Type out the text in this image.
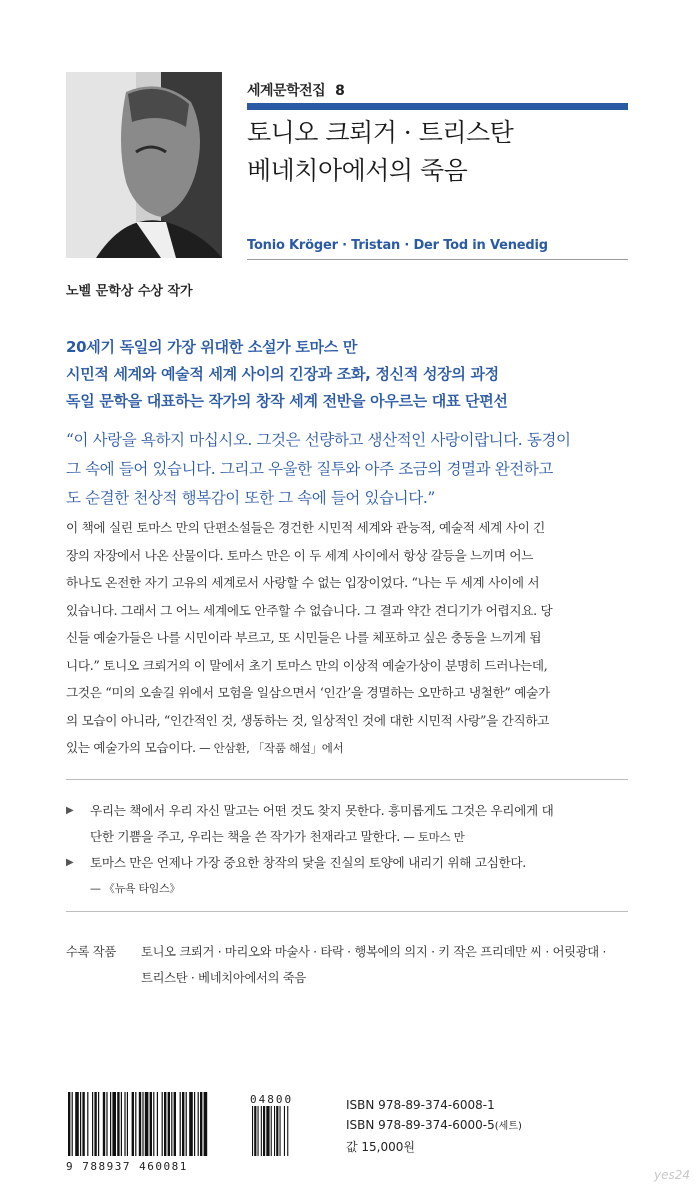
세계문학전집 8
토니오 크뢰거 · 트리스탄
베네치아에서의 죽음
Tonio Kröger · Tristan · Der Tod in Venedig
노벨 문학상 수상 작가
20세기 독일의 가장 위대한 소설가 토마스 만
시민적 세계와 예술적 세계 사이의 긴장과 조화, 정신적 성장의 과정
독일 문학을 대표하는 작가의 창작 세계 전반을 아우르는 대표 단편선
“이 사랑을 욕하지 마십시오. 그것은 선량하고 생산적인 사랑이랍니다. 동경이
그 속에 들어 있습니다. 그리고 우울한 질투와 아주 조금의 경멸과 완전하고
도 순결한 천상적 행복감이 또한 그 속에 들어 있습니다.”
이 책에 실린 토마스 만의 단편소설들은 경건한 시민적 세계와 관능적, 예술적 세계 사이 긴
장의 자장에서 나온 산물이다. 토마스 만은 이 두 세계 사이에서 항상 갈등을 느끼며 어느
하나도 온전한 자기 고유의 세계로서 사랑할 수 없는 입장이었다. “나는 두 세계 사이에 서
있습니다. 그래서 그 어느 세계에도 안주할 수 없습니다. 그 결과 약간 견디기가 어렵지요. 당
신들 예술가들은 나를 시민이라 부르고, 또 시민들은 나를 체포하고 싶은 충동을 느끼게 됩
니다.” 토니오 크뢰거의 이 말에서 초기 토마스 만의 이상적 예술가상이 분명히 드러나는데,
그것은 “미의 오솔길 위에서 모험을 일삼으면서 ‘인간’을 경멸하는 오만하고 냉철한” 예술가
의 모습이 아니라, “인간적인 것, 생동하는 것, 일상적인 것에 대한 시민적 사랑”을 간직하고
있는 예술가의 모습이다. — 안삼환, 「작품 해설」에서
▶ 우리는 책에서 우리 자신 말고는 어떤 것도 찾지 못한다. 흥미롭게도 그것은 우리에게 대
단한 기쁨을 주고, 우리는 책을 쓴 작가가 천재라고 말한다. — 토마스 만
▶ 토마스 만은 언제나 가장 중요한 창작의 닻을 진실의 토양에 내리기 위해 고심한다.
— 《뉴욕 타임스》
수록 작품 토니오 크뢰거 · 마리오와 마술사 · 타락 · 행복에의 의지 · 키 작은 프리데만 씨 · 어릿광대 ·
트리스탄 · 베네치아에서의 죽음
04800
9 788937 460081
ISBN 978-89-374-6008-1
ISBN 978-89-374-6000-5(세트)
값 15,000원
yes24
